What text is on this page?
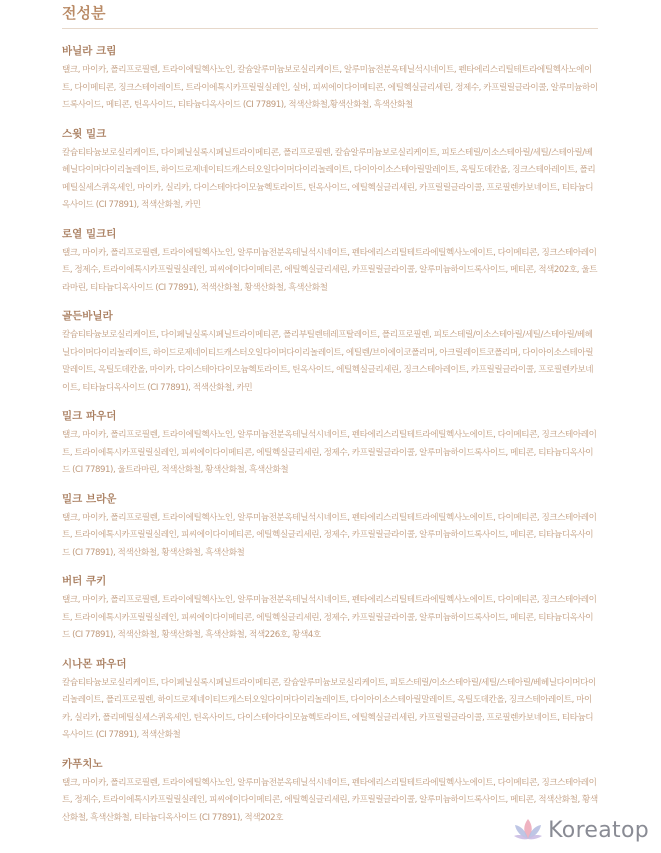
전성분
바닐라 크림
탤크, 마이카, 폴리프로필렌, 트라이에틸헥사노인, 칼슘알루미늄보로실리케이트, 알루미늄전분옥테닐석시네이트, 펜타에리스리틸테트라에틸헥사노에이트, 다이메티콘, 징크스테아레이트, 트라이에톡시카프릴릴실레인, 실버, 피씨에이다이메티콘, 에틸헥실글리세린, 정제수, 카프릴릴글라이콜, 알루미늄하이드록사이드, 메티콘, 틴옥사이드, 티타늄디옥사이드 (CI 77891), 적색산화철,황색산화철, 흑색산화철
스윗 밀크
칼슘티타늄보로실리케이트, 다이페닐실록시페닐트라이메티콘, 폴리프로필렌, 칼슘알루미늄보로실리케이트, 피토스테릴/이소스테아릴/세틸/스테아릴/베헤닐다이머다이리놀레이트, 하이드로제네이티드캐스터오일다이머다이리놀레이트, 다이아이소스테아릴말레이트, 옥틸도데칸올, 징크스테아레이트, 폴리메틸실세스퀴옥세인, 마이카, 실리카, 다이스테아다이모늄헥토라이트, 틴옥사이드, 에틸헥실글리세린, 카프릴릴글라이콜, 프로필렌카보네이트, 티타늄디옥사이드 (CI 77891), 적색산화철, 카민
로열 밀크티
탤크, 마이카, 폴리프로필렌, 트라이에틸헥사노인, 알루미늄전분옥테닐석시네이트, 펜타에리스리틸테트라에틸헥사노에이트, 다이메티콘, 징크스테아레이트, 정제수, 트라이에톡시카프릴릴실레인, 피씨에이다이메티콘, 에틸헥실글리세린, 카프릴릴글라이콜, 알루미늄하이드록사이드, 메티콘, 적색202호, 울트라마린, 티타늄디옥사이드 (CI 77891), 적색산화철, 황색산화철, 흑색산화철
골든바닐라
칼슘티타늄보로실리케이트, 다이페닐실록시페닐트라이메티콘, 폴리부틸렌테레프탈레이트, 폴리프로필렌, 피토스테릴/이소스테아릴/세틸/스테아릴/베헤닐다이머다이리놀레이트, 하이드로제네이티드캐스터오일다이머다이리놀레이트, 에틸렌/브이에이코폴리머, 아크릴레이트코폴리머, 다이아이소스테아릴말레이트, 옥틸도데칸올, 마이카, 다이스테아다이모늄헥토라이트, 틴옥사이드, 에틸헥실글리세린, 징크스테아레이트, 카프릴릴글라이콜, 프로필렌카보네이트, 티타늄디옥사이드 (CI 77891), 적색산화철, 카민
밀크 파우더
탤크, 마이카, 폴리프로필렌, 트라이에틸헥사노인, 알루미늄전분옥테닐석시네이트, 펜타에리스리틸테트라에틸헥사노에이트, 다이메티콘, 징크스테아레이트, 트라이에톡시카프릴릴실레인, 피씨에이다이메티콘, 에틸헥실글리세린, 정제수, 카프릴릴글라이콜, 알루미늄하이드록사이드, 메티콘, 티타늄디옥사이드 (CI 77891), 울트라마린, 적색산화철, 황색산화철, 흑색산화철
밀크 브라운
탤크, 마이카, 폴리프로필렌, 트라이에틸헥사노인, 알루미늄전분옥테닐석시네이트, 펜타에리스리틸테트라에틸헥사노에이트, 다이메티콘, 징크스테아레이트, 트라이에톡시카프릴릴실레인, 피씨에이다이메티콘, 에틸헥실글리세린, 정제수, 카프릴릴글라이콜, 알루미늄하이드록사이드, 메티콘, 티타늄디옥사이드 (CI 77891), 적색산화철, 황색산화철, 흑색산화철
버터 쿠키
탤크, 마이카, 폴리프로필렌, 트라이에틸헥사노인, 알루미늄전분옥테닐석시네이트, 펜타에리스리틸테트라에틸헥사노에이트, 다이메티콘, 징크스테아레이트, 트라이에톡시카프릴릴실레인, 피씨에이다이메티콘, 에틸헥실글리세린, 정제수, 카프릴릴글라이콜, 알루미늄하이드록사이드, 메티콘, 티타늄디옥사이드 (CI 77891), 적색산화철, 황색산화철, 흑색산화철, 적색226호, 황색4호
시나몬 파우더
칼슘티타늄보로실리케이트, 다이페닐실록시페닐트라이메티콘, 칼슘알루미늄보로실리케이트, 피토스테릴/이소스테아릴/세틸/스테아릴/베헤닐다이머다이리놀레이트, 폴리프로필렌, 하이드로제네이티드캐스터오일다이머다이리놀레이트, 다이아이소스테아릴말레이트, 옥틸도데칸올, 징크스테아레이트, 마이카, 실리카, 폴리메틸실세스퀴옥세인, 틴옥사이드, 다이스테아다이모늄헥토라이트, 에틸헥실글리세린, 카프릴릴글라이콜, 프로필렌카보네이트, 티타늄디옥사이드 (CI 77891), 적색산화철
카푸치노
탤크, 마이카, 폴리프로필렌, 트라이에틸헥사노인, 알루미늄전분옥테닐석시네이트, 펜타에리스리틸테트라에틸헥사노에이트, 다이메티콘, 징크스테아레이트, 정제수, 트라이에톡시카프릴릴실레인, 피씨에이다이메티콘, 에틸헥실글리세린, 카프릴릴글라이콜, 알루미늄하이드록사이드, 메티콘, 적색산화철, 황색산화철, 흑색산화철, 티타늄디옥사이드 (CI 77891), 적색202호	Koreatop
